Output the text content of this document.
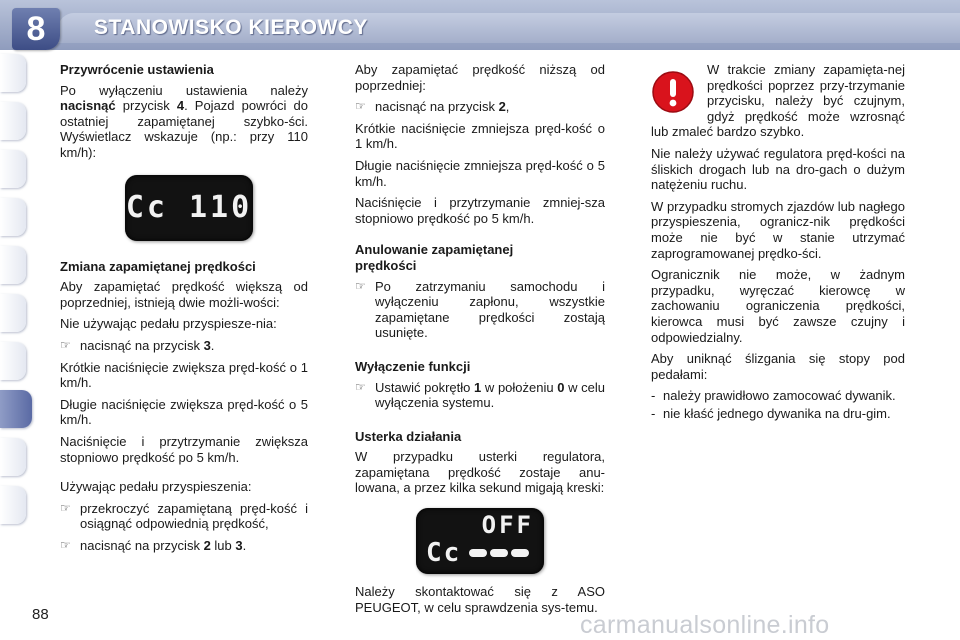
8	STANOWISKO KIEROWCY
Przywrócenie ustawienia

Po wyłączeniu ustawienia należy nacisnąć przycisk 4. Pojazd powróci do ostatniej zapamiętanej szybko-ści. Wyświetlacz wskazuje (np.: przy 110 km/h):

Cc 110
Zmiana zapamiętanej prędkości

Aby zapamiętać prędkość większą od poprzedniej, istnieją dwie możli-wości:

Nie używając pedału przyspiesze-nia:

☞ nacisnąć na przycisk 3.

Krótkie naciśnięcie zwiększa pręd-kość o 1 km/h.

Długie naciśnięcie zwiększa pręd-kość o 5 km/h.

Naciśnięcie i przytrzymanie zwiększa stopniowo prędkość po 5 km/h.

Używając pedału przyspieszenia:

☞ przekroczyć zapamiętaną pręd-kość i osiągnąć odpowiednią prędkość,
☞ nacisnąć na przycisk 2 lub 3.

Aby zapamiętać prędkość niższą od poprzedniej:

☞ nacisnąć na przycisk 2,

Krótkie naciśnięcie zmniejsza pręd-kość o 1 km/h.

Długie naciśnięcie zmniejsza pręd-kość o 5 km/h.

Naciśnięcie i przytrzymanie zmniej-sza stopniowo prędkość po 5 km/h.

Anulowanie zapamiętanej prędkości
☞ Po zatrzymaniu samochodu i wyłączeniu zapłonu, wszystkie zapamiętane prędkości zostają usunięte.
Wyłączenie funkcji
☞ Ustawić pokrętło 1 w położeniu 0 w celu wyłączenia systemu.
Usterka działania

W przypadku usterki regulatora, zapamiętana prędkość zostaje anu-lowana, a przez kilka sekund migają kreski:

OFF
Cc

Należy skontaktować się z ASO PEUGEOT, w celu sprawdzenia sys-temu.

W trakcie zmiany zapamięta-nej prędkości poprzez przy-trzymanie przycisku, należy być czujnym, gdyż prędkość może wzrosnąć lub zmaleć bardzo szybko.

Nie należy używać regulatora pręd-kości na śliskich drogach lub na dro-gach o dużym natężeniu ruchu.

W przypadku stromych zjazdów lub nagłego przyspieszenia, ogranicz-nik prędkości może nie być w stanie utrzymać zaprogramowanej prędko-ści.

Ogranicznik nie może, w żadnym przypadku, wyręczać kierowcę w zachowaniu ograniczenia prędkości, kierowca musi być zawsze czujny i odpowiedzialny.

Aby uniknąć ślizgania się stopy pod pedałami:

- należy prawidłowo zamocować dywanik.
- nie kłaść jednego dywanika na dru-gim.
88	carmanualsonline.info
